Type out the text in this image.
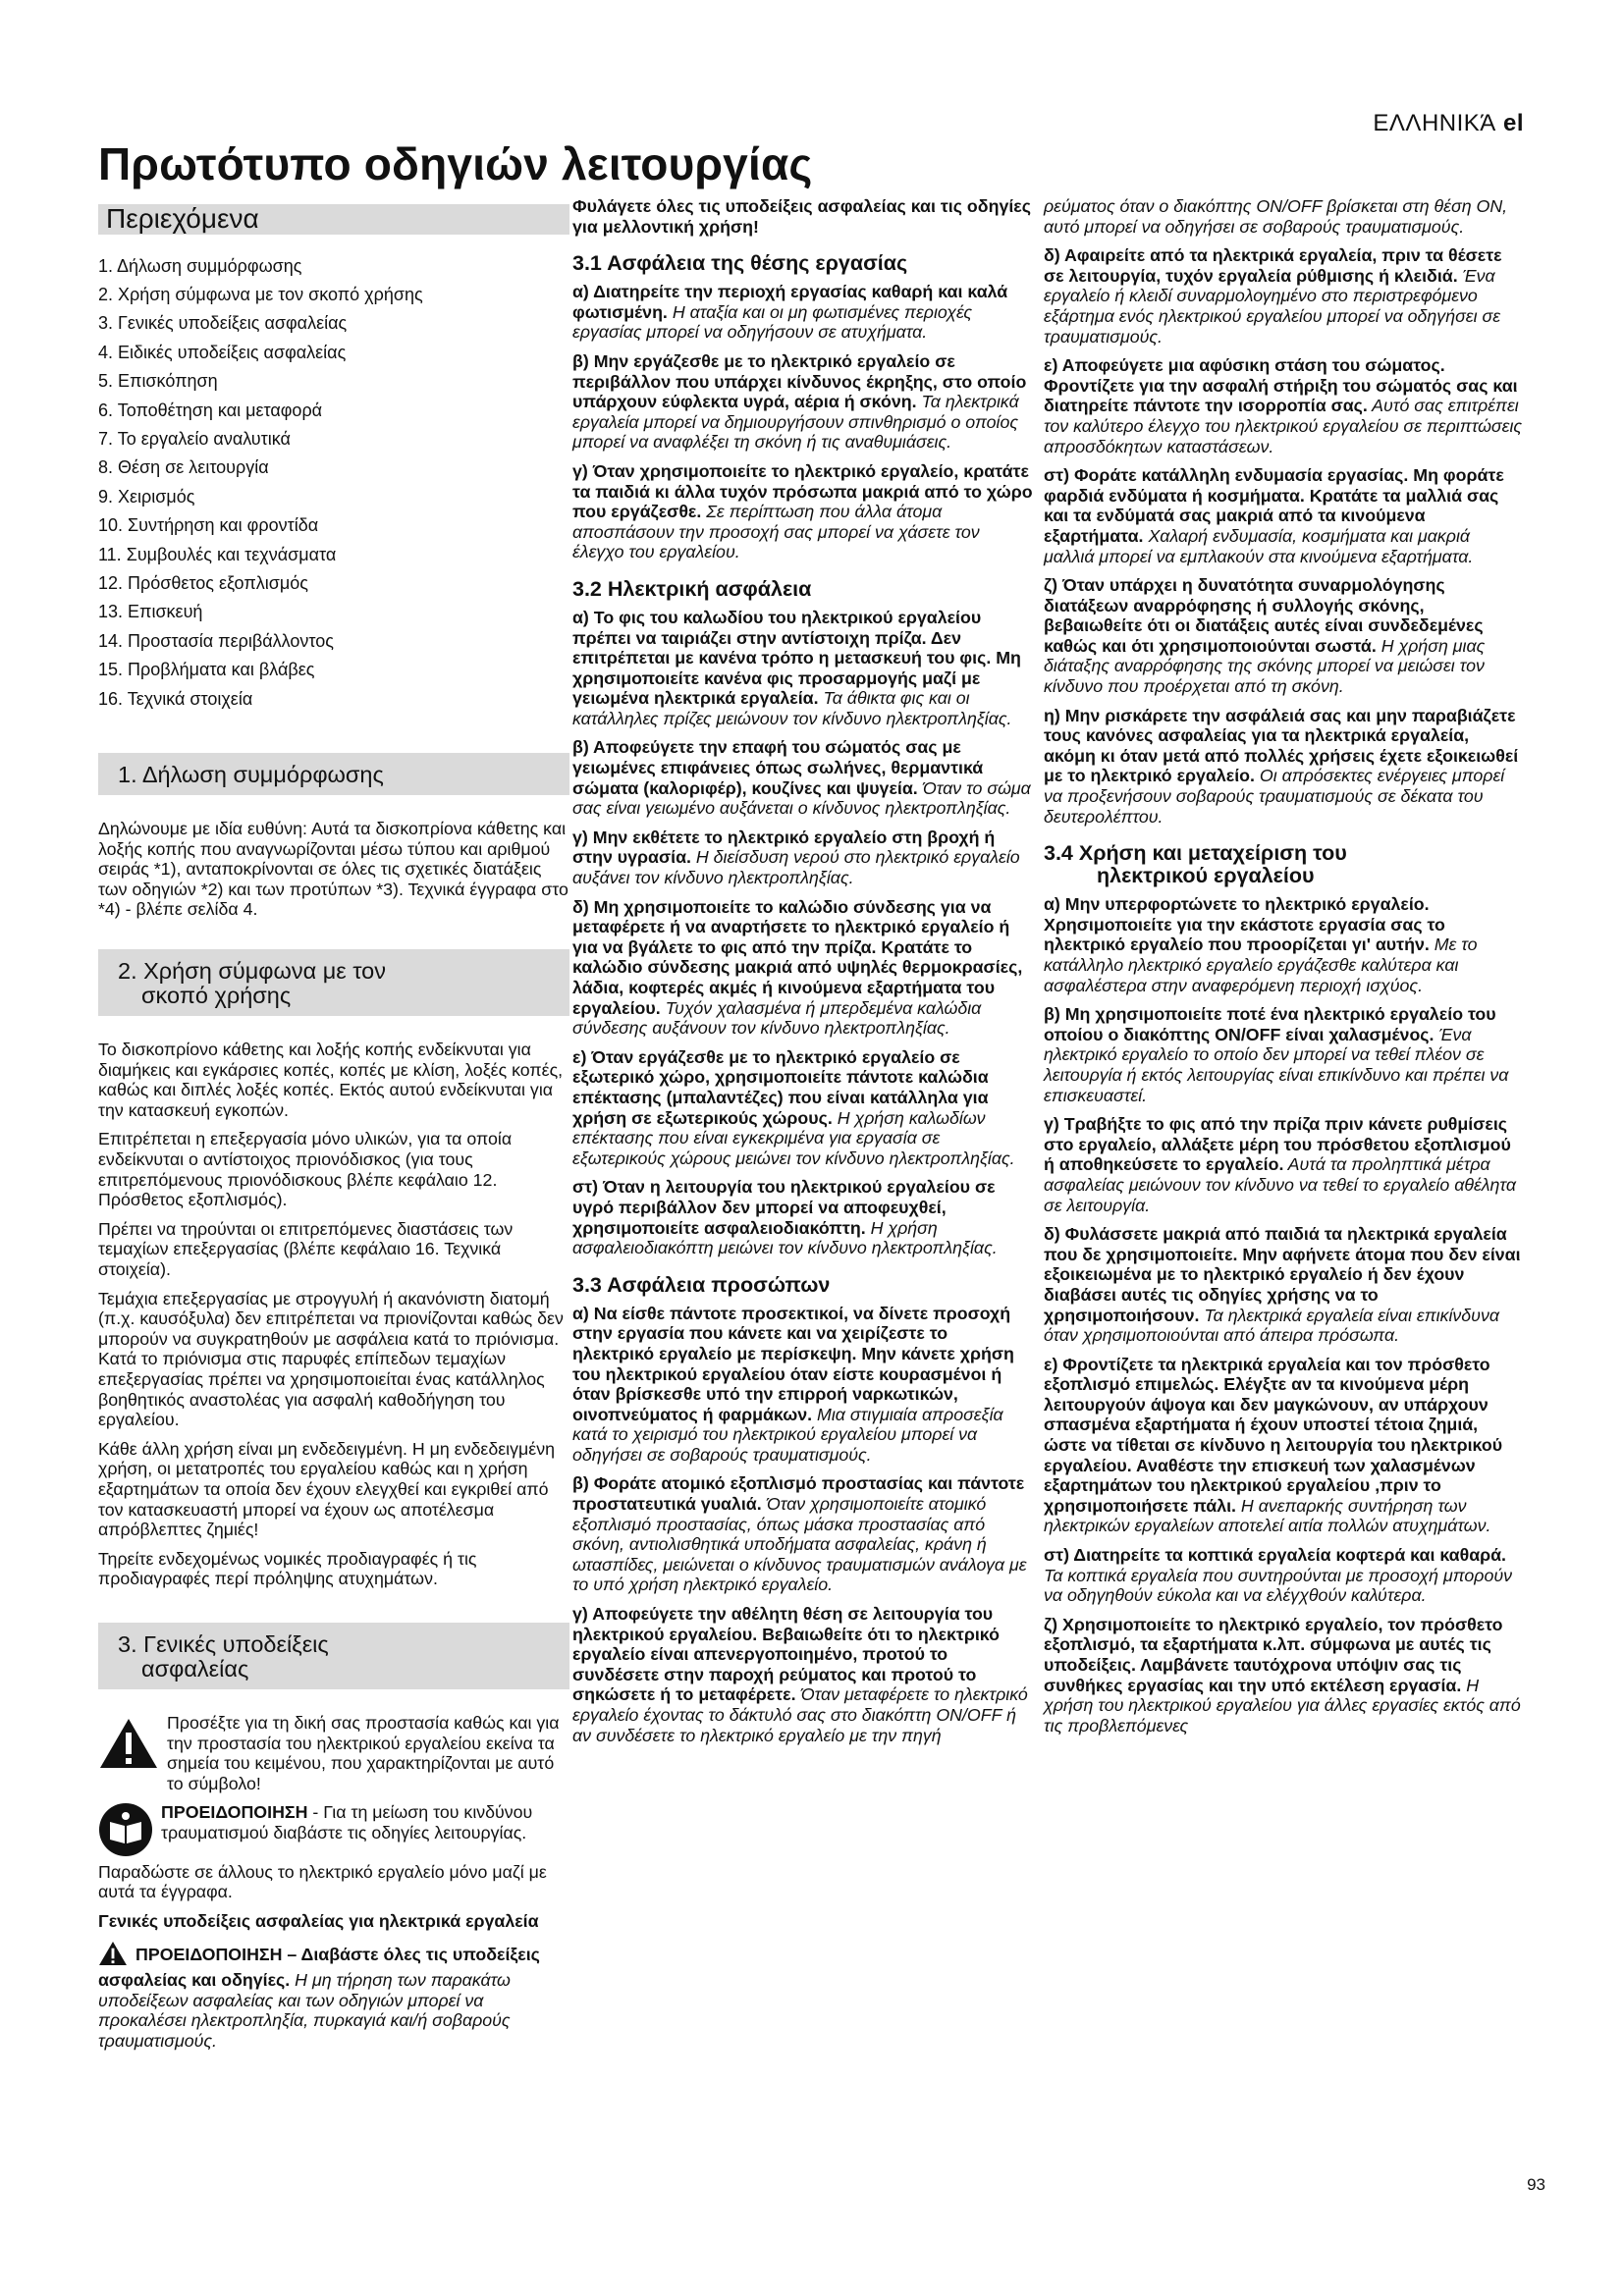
ΕΛΛΗΝΙΚΆ el
Πρωτότυπο οδηγιών λειτουργίας
Περιεχόμενα
1. Δήλωση συμμόρφωσης
2. Χρήση σύμφωνα με τον σκοπό χρήσης
3. Γενικές υποδείξεις ασφαλείας
4. Ειδικές υποδείξεις ασφαλείας
5. Επισκόπηση
6. Τοποθέτηση και μεταφορά
7. Το εργαλείο αναλυτικά
8. Θέση σε λειτουργία
9. Χειρισμός
10. Συντήρηση και φροντίδα
11. Συμβουλές και τεχνάσματα
12. Πρόσθετος εξοπλισμός
13. Επισκευή
14. Προστασία περιβάλλοντος
15. Προβλήματα και βλάβες
16. Τεχνικά στοιχεία
1. Δήλωση συμμόρφωσης

Δηλώνουμε με ιδία ευθύνη: Αυτά τα δισκοπρίονα κάθετης και λοξής κοπής που αναγνωρίζονται μέσω τύπου και αριθμού σειράς *1), ανταποκρίνονται σε όλες τις σχετικές διατάξεις των οδηγιών *2) και των προτύπων *3). Τεχνικά έγγραφα στο *4) - βλέπε σελίδα 4.

2. Χρήση σύμφωνα με τον
σκοπό χρήσης

Το δισκοπρίονο κάθετης και λοξής κοπής ενδείκνυται για διαμήκεις και εγκάρσιες κοπές, κοπές με κλίση, λοξές κοπές, καθώς και διπλές λοξές κοπές. Εκτός αυτού ενδείκνυται για την κατασκευή εγκοπών.

Επιτρέπεται η επεξεργασία μόνο υλικών, για τα οποία ενδείκνυται ο αντίστοιχος πριονόδισκος (για τους επιτρεπόμενους πριονόδισκους βλέπε κεφάλαιο 12. Πρόσθετος εξοπλισμός).

Πρέπει να τηρούνται οι επιτρεπόμενες διαστάσεις των τεμαχίων επεξεργασίας (βλέπε κεφάλαιο 16. Τεχνικά στοιχεία).

Τεμάχια επεξεργασίας με στρογγυλή ή ακανόνιστη διατομή (π.χ. καυσόξυλα) δεν επιτρέπεται να πριονίζονται καθώς δεν μπορούν να συγκρατηθούν με ασφάλεια κατά το πριόνισμα. Κατά το πριόνισμα στις παρυφές επίπεδων τεμαχίων επεξεργασίας πρέπει να χρησιμοποιείται ένας κατάλληλος βοηθητικός αναστολέας για ασφαλή καθοδήγηση του εργαλείου.

Κάθε άλλη χρήση είναι μη ενδεδειγμένη. Η μη ενδεδειγμένη χρήση, οι μετατροπές του εργαλείου καθώς και η χρήση εξαρτημάτων τα οποία δεν έχουν ελεγχθεί και εγκριθεί από τον κατασκευαστή μπορεί να έχουν ως αποτέλεσμα απρόβλεπτες ζημιές!

Τηρείτε ενδεχομένως νομικές προδιαγραφές ή τις προδιαγραφές περί πρόληψης ατυχημάτων.

3. Γενικές υποδείξεις
ασφαλείας

Προσέξτε για τη δική σας προστασία καθώς και για την προστασία του ηλεκτρικού εργαλείου εκείνα τα σημεία του κειμένου, που χαρακτηρίζονται με αυτό το σύμβολο!

ΠΡΟΕΙΔΟΠΟΙΗΣΗ - Για τη μείωση του κινδύνου τραυματισμού διαβάστε τις οδηγίες λειτουργίας.

Παραδώστε σε άλλους το ηλεκτρικό εργαλείο μόνο μαζί με αυτά τα έγγραφα.

Γενικές υποδείξεις ασφαλείας για ηλεκτρικά εργαλεία

ΠΡΟΕΙΔΟΠΟΙΗΣΗ – Διαβάστε όλες τις υποδείξεις ασφαλείας και οδηγίες. Η μη τήρηση των παρακάτω υποδείξεων ασφαλείας και των οδηγιών μπορεί να προκαλέσει ηλεκτροπληξία, πυρκαγιά και/ή σοβαρούς τραυματισμούς.

Φυλάγετε όλες τις υποδείξεις ασφαλείας και τις οδηγίες για μελλοντική χρήση!

3.1 Ασφάλεια της θέσης εργασίας

α) Διατηρείτε την περιοχή εργασίας καθαρή και καλά φωτισμένη. Η αταξία και οι μη φωτισμένες περιοχές εργασίας μπορεί να οδηγήσουν σε ατυχήματα.

β) Μην εργάζεσθε με το ηλεκτρικό εργαλείο σε περιβάλλον που υπάρχει κίνδυνος έκρηξης, στο οποίο υπάρχουν εύφλεκτα υγρά, αέρια ή σκόνη. Τα ηλεκτρικά εργαλεία μπορεί να δημιουργήσουν σπινθηρισμό ο οποίος μπορεί να αναφλέξει τη σκόνη ή τις αναθυμιάσεις.

γ) Όταν χρησιμοποιείτε το ηλεκτρικό εργαλείο, κρατάτε τα παιδιά κι άλλα τυχόν πρόσωπα μακριά από το χώρο που εργάζεσθε. Σε περίπτωση που άλλα άτομα αποσπάσουν την προσοχή σας μπορεί να χάσετε τον έλεγχο του εργαλείου.

3.2 Ηλεκτρική ασφάλεια

α) Το φις του καλωδίου του ηλεκτρικού εργαλείου πρέπει να ταιριάζει στην αντίστοιχη πρίζα. Δεν επιτρέπεται με κανένα τρόπο η μετασκευή του φις. Μη χρησιμοποιείτε κανένα φις προσαρμογής μαζί με γειωμένα ηλεκτρικά εργαλεία. Τα άθικτα φις και οι κατάλληλες πρίζες μειώνουν τον κίνδυνο ηλεκτροπληξίας.

β) Αποφεύγετε την επαφή του σώματός σας με γειωμένες επιφάνειες όπως σωλήνες, θερμαντικά σώματα (καλοριφέρ), κουζίνες και ψυγεία. Όταν το σώμα σας είναι γειωμένο αυξάνεται ο κίνδυνος ηλεκτροπληξίας.

γ) Μην εκθέτετε το ηλεκτρικό εργαλείο στη βροχή ή στην υγρασία. Η διείσδυση νερού στο ηλεκτρικό εργαλείο αυξάνει τον κίνδυνο ηλεκτροπληξίας.

δ) Μη χρησιμοποιείτε το καλώδιο σύνδεσης για να μεταφέρετε ή να αναρτήσετε το ηλεκτρικό εργαλείο ή για να βγάλετε το φις από την πρίζα. Κρατάτε το καλώδιο σύνδεσης μακριά από υψηλές θερμοκρασίες, λάδια, κοφτερές ακμές ή κινούμενα εξαρτήματα του εργαλείου. Τυχόν χαλασμένα ή μπερδεμένα καλώδια σύνδεσης αυξάνουν τον κίνδυνο ηλεκτροπληξίας.

ε) Όταν εργάζεσθε με το ηλεκτρικό εργαλείο σε εξωτερικό χώρο, χρησιμοποιείτε πάντοτε καλώδια επέκτασης (μπαλαντέζες) που είναι κατάλληλα για χρήση σε εξωτερικούς χώρους. Η χρήση καλωδίων επέκτασης που είναι εγκεκριμένα για εργασία σε εξωτερικούς χώρους μειώνει τον κίνδυνο ηλεκτροπληξίας.

στ) Όταν η λειτουργία του ηλεκτρικού εργαλείου σε υγρό περιβάλλον δεν μπορεί να αποφευχθεί, χρησιμοποιείτε ασφαλειοδιακόπτη. Η χρήση ασφαλειοδιακόπτη μειώνει τον κίνδυνο ηλεκτροπληξίας.

3.3 Ασφάλεια προσώπων

α) Να είσθε πάντοτε προσεκτικοί, να δίνετε προσοχή στην εργασία που κάνετε και να χειρίζεστε το ηλεκτρικό εργαλείο με περίσκεψη. Μην κάνετε χρήση του ηλεκτρικού εργαλείου όταν είστε κουρασμένοι ή όταν βρίσκεσθε υπό την επιρροή ναρκωτικών, οινοπνεύματος ή φαρμάκων. Μια στιγμιαία απροσεξία κατά το χειρισμό του ηλεκτρικού εργαλείου μπορεί να οδηγήσει σε σοβαρούς τραυματισμούς.

β) Φοράτε ατομικό εξοπλισμό προστασίας και πάντοτε προστατευτικά γυαλιά. Όταν χρησιμοποιείτε ατομικό εξοπλισμό προστασίας, όπως μάσκα προστασίας από σκόνη, αντιολισθητικά υποδήματα ασφαλείας, κράνη ή ωτασπίδες, μειώνεται ο κίνδυνος τραυματισμών ανάλογα με το υπό χρήση ηλεκτρικό εργαλείο.

γ) Αποφεύγετε την αθέλητη θέση σε λειτουργία του ηλεκτρικού εργαλείου. Βεβαιωθείτε ότι το ηλεκτρικό εργαλείο είναι απενεργοποιημένο, προτού το συνδέσετε στην παροχή ρεύματος και προτού το σηκώσετε ή το μεταφέρετε. Όταν μεταφέρετε το ηλεκτρικό εργαλείο έχοντας το δάκτυλό σας στο διακόπτη ON/OFF ή αν συνδέσετε το ηλεκτρικό εργαλείο με την πηγή

ρεύματος όταν ο διακόπτης ON/OFF βρίσκεται στη θέση ON, αυτό μπορεί να οδηγήσει σε σοβαρούς τραυματισμούς.

δ) Αφαιρείτε από τα ηλεκτρικά εργαλεία, πριν τα θέσετε σε λειτουργία, τυχόν εργαλεία ρύθμισης ή κλειδιά. Ένα εργαλείο ή κλειδί συναρμολογημένο στο περιστρεφόμενο εξάρτημα ενός ηλεκτρικού εργαλείου μπορεί να οδηγήσει σε τραυματισμούς.

ε) Αποφεύγετε μια αφύσικη στάση του σώματος. Φροντίζετε για την ασφαλή στήριξη του σώματός σας και διατηρείτε πάντοτε την ισορροπία σας. Αυτό σας επιτρέπει τον καλύτερο έλεγχο του ηλεκτρικού εργαλείου σε περιπτώσεις απροσδόκητων καταστάσεων.

στ) Φοράτε κατάλληλη ενδυμασία εργασίας. Μη φοράτε φαρδιά ενδύματα ή κοσμήματα. Κρατάτε τα μαλλιά σας και τα ενδύματά σας μακριά από τα κινούμενα εξαρτήματα. Χαλαρή ενδυμασία, κοσμήματα και μακριά μαλλιά μπορεί να εμπλακούν στα κινούμενα εξαρτήματα.

ζ) Όταν υπάρχει η δυνατότητα συναρμολόγησης διατάξεων αναρρόφησης ή συλλογής σκόνης, βεβαιωθείτε ότι οι διατάξεις αυτές είναι συνδεδεμένες καθώς και ότι χρησιμοποιούνται σωστά. Η χρήση μιας διάταξης αναρρόφησης της σκόνης μπορεί να μειώσει τον κίνδυνο που προέρχεται από τη σκόνη.

η) Μην ρισκάρετε την ασφάλειά σας και μην παραβιάζετε τους κανόνες ασφαλείας για τα ηλεκτρικά εργαλεία, ακόμη κι όταν μετά από πολλές χρήσεις έχετε εξοικειωθεί με το ηλεκτρικό εργαλείο. Οι απρόσεκτες ενέργειες μπορεί να προξενήσουν σοβαρούς τραυματισμούς σε δέκατα του δευτερολέπτου.

3.4 Χρήση και μεταχείριση του
ηλεκτρικού εργαλείου

α) Μην υπερφορτώνετε το ηλεκτρικό εργαλείο. Χρησιμοποιείτε για την εκάστοτε εργασία σας το ηλεκτρικό εργαλείο που προορίζεται γι' αυτήν. Με το κατάλληλο ηλεκτρικό εργαλείο εργάζεσθε καλύτερα και ασφαλέστερα στην αναφερόμενη περιοχή ισχύος.

β) Μη χρησιμοποιείτε ποτέ ένα ηλεκτρικό εργαλείο του οποίου ο διακόπτης ON/OFF είναι χαλασμένος. Ένα ηλεκτρικό εργαλείο το οποίο δεν μπορεί να τεθεί πλέον σε λειτουργία ή εκτός λειτουργίας είναι επικίνδυνο και πρέπει να επισκευαστεί.

γ) Τραβήξτε το φις από την πρίζα πριν κάνετε ρυθμίσεις στο εργαλείο, αλλάξετε μέρη του πρόσθετου εξοπλισμού ή αποθηκεύσετε το εργαλείο. Αυτά τα προληπτικά μέτρα ασφαλείας μειώνουν τον κίνδυνο να τεθεί το εργαλείο αθέλητα σε λειτουργία.

δ) Φυλάσσετε μακριά από παιδιά τα ηλεκτρικά εργαλεία που δε χρησιμοποιείτε. Μην αφήνετε άτομα που δεν είναι εξοικειωμένα με το ηλεκτρικό εργαλείο ή δεν έχουν διαβάσει αυτές τις οδηγίες χρήσης να το χρησιμοποιήσουν. Τα ηλεκτρικά εργαλεία είναι επικίνδυνα όταν χρησιμοποιούνται από άπειρα πρόσωπα.

ε) Φροντίζετε τα ηλεκτρικά εργαλεία και τον πρόσθετο εξοπλισμό επιμελώς. Ελέγξτε αν τα κινούμενα μέρη λειτουργούν άψογα και δεν μαγκώνουν, αν υπάρχουν σπασμένα εξαρτήματα ή έχουν υποστεί τέτοια ζημιά, ώστε να τίθεται σε κίνδυνο η λειτουργία του ηλεκτρικού εργαλείου. Αναθέστε την επισκευή των χαλασμένων εξαρτημάτων του ηλεκτρικού εργαλείου ,πριν το χρησιμοποιήσετε πάλι. Η ανεπαρκής συντήρηση των ηλεκτρικών εργαλείων αποτελεί αιτία πολλών ατυχημάτων.

στ) Διατηρείτε τα κοπτικά εργαλεία κοφτερά και καθαρά. Τα κοπτικά εργαλεία που συντηρούνται με προσοχή μπορούν να οδηγηθούν εύκολα και να ελέγχθούν καλύτερα.

ζ) Χρησιμοποιείτε το ηλεκτρικό εργαλείο, τον πρόσθετο εξοπλισμό, τα εξαρτήματα κ.λπ. σύμφωνα με αυτές τις υποδείξεις. Λαμβάνετε ταυτόχρονα υπόψιν σας τις συνθήκες εργασίας και την υπό εκτέλεση εργασία. Η χρήση του ηλεκτρικού εργαλείου για άλλες εργασίες εκτός από τις προβλεπόμενες

93
